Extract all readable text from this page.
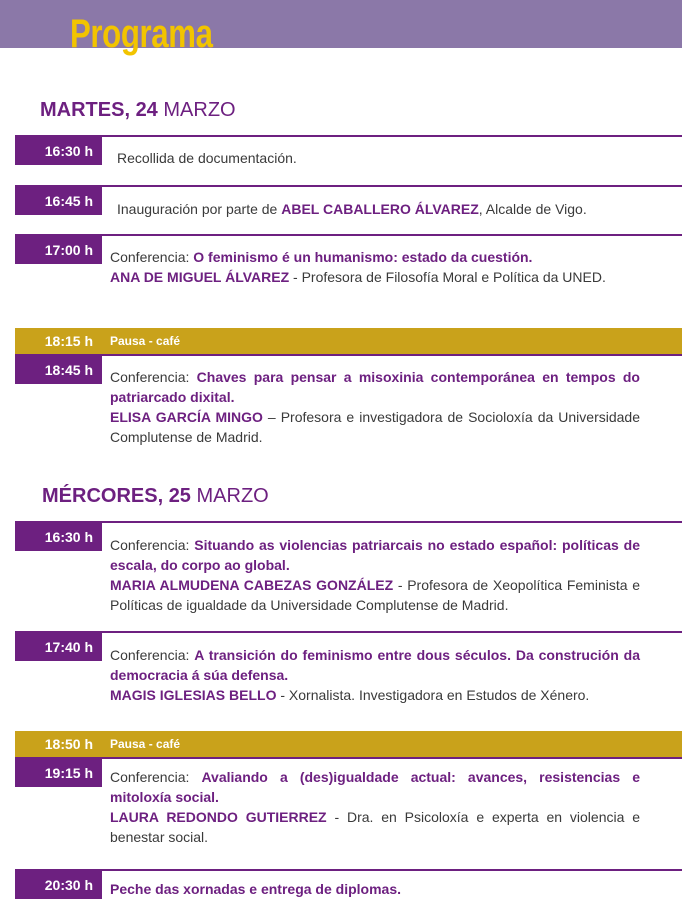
Programa
MARTES, 24 MARZO
16:30 h	Recollida de documentación.
16:45 h	Inauguración por parte de ABEL CABALLERO ÁLVAREZ, Alcalde de Vigo.
17:00 h	Conferencia: O feminismo é un humanismo: estado da cuestión.
ANA DE MIGUEL ÁLVAREZ - Profesora de Filosofía Moral e Política da UNED.
18:15 h	Pausa - café
18:45 h	Conferencia: Chaves para pensar a misoxinia contemporánea en tempos do patriarcado dixital.
ELISA GARCÍA MINGO – Profesora e investigadora de Socioloxía da Universidade Complutense de Madrid.
MÉRCORES, 25 MARZO
16:30 h	Conferencia: Situando as violencias patriarcais no estado español: políticas de escala, do corpo ao global.
MARIA ALMUDENA CABEZAS GONZÁLEZ - Profesora de Xeopolítica Feminista e Políticas de igualdade da Universidade Complutense de Madrid.
17:40 h	Conferencia: A transición do feminismo entre dous séculos. Da construción da democracia á súa defensa.
MAGIS IGLESIAS BELLO - Xornalista. Investigadora en Estudos de Xénero.
18:50 h	Pausa - café
19:15 h	Conferencia: Avaliando a (des)igualdade actual: avances, resistencias e mitoloxía social.
LAURA REDONDO GUTIERREZ - Dra. en Psicoloxía e experta en violencia e benestar social.
20:30 h	Peche das xornadas e entrega de diplomas.
